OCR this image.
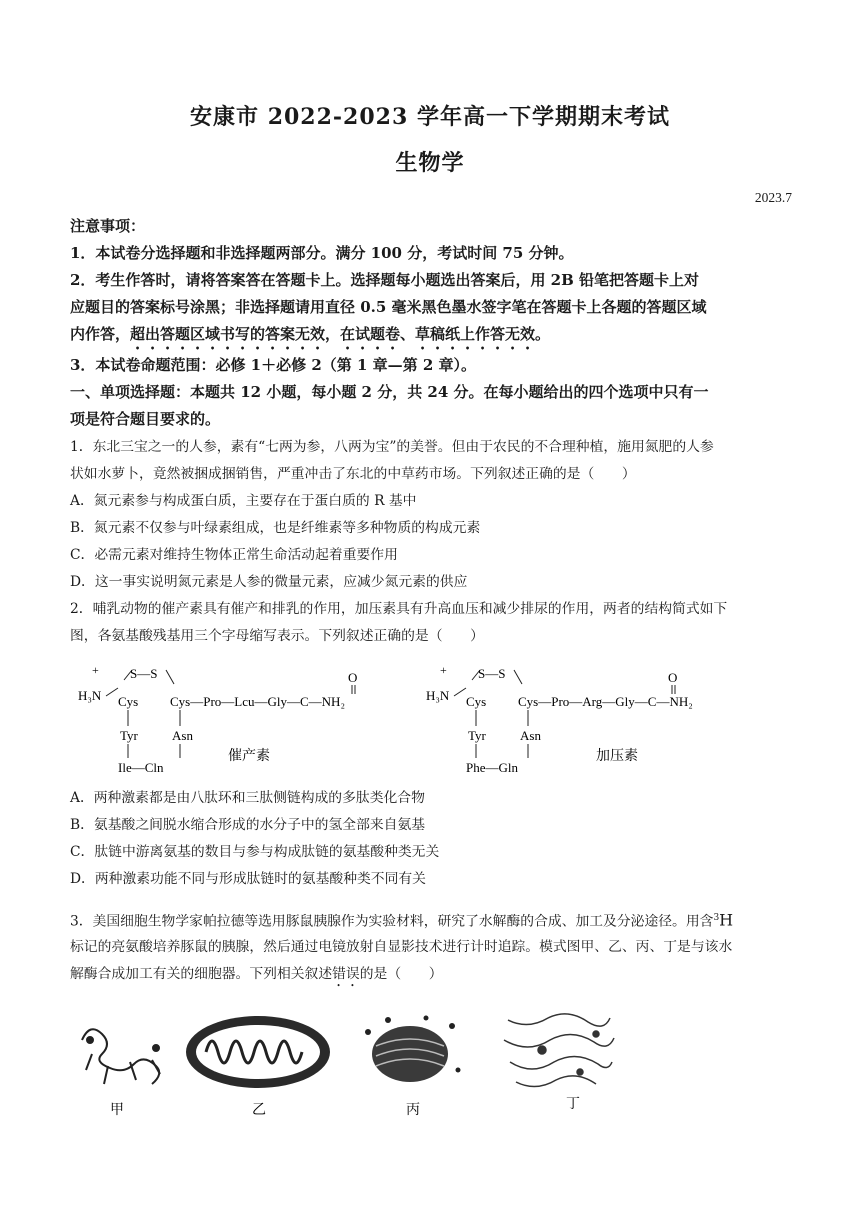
安康市 2022-2023 学年高一下学期期末考试
生物学
2023.7
注意事项：
1．本试卷分选择题和非选择题两部分。满分 100 分，考试时间 75 分钟。
2．考生作答时，请将答案答在答题卡上。选择题每小题选出答案后，用 2B 铅笔把答题卡上对
应题目的答案标号涂黑；非选择题请用直径 0.5 毫米黑色墨水签字笔在答题卡上各题的答题区域
内作答，超出答题区域书写的答案无效，在试题卷、草稿纸上作答无效。
3．本试卷命题范围：必修 1＋必修 2（第 1 章—第 2 章）。
一、单项选择题：本题共 12 小题，每小题 2 分，共 24 分。在每小题给出的四个选项中只有一
项是符合题目要求的。
1．东北三宝之一的人参，素有“七两为参，八两为宝”的美誉。但由于农民的不合理种植，施用氮肥的人参
状如水萝卜，竟然被捆成捆销售，严重冲击了东北的中草药市场。下列叙述正确的是（　　）
A．氮元素参与构成蛋白质，主要存在于蛋白质的 R 基中
B．氮元素不仅参与叶绿素组成，也是纤维素等多种物质的构成元素
C．必需元素对维持生物体正常生命活动起着重要作用
D．这一事实说明氮元素是人参的微量元素，应减少氮元素的供应
2．哺乳动物的催产素具有催产和排乳的作用，加压素具有升高血压和减少排尿的作用，两者的结构简式如下
图，各氨基酸残基用三个字母缩写表示。下列叙述正确的是（　　）
+
H₃N
S—S
Cys Cys—Pro—Lcu—Gly—C—NH₂
O
Tyr	Asn
Ile—Cln
催产素
+
H₃N
S—S
Cys Cys—Pro—Arg—Gly—C—NH₂
O
Tyr	Asn
Phe—Gln
加压素
A．两种激素都是由八肽环和三肽侧链构成的多肽类化合物
B．氨基酸之间脱水缩合形成的水分子中的氢全部来自氨基
C．肽链中游离氨基的数目与参与构成肽链的氨基酸种类无关
D．两种激素功能不同与形成肽链时的氨基酸种类不同有关
3．美国细胞生物学家帕拉德等选用豚鼠胰腺作为实验材料，研究了水解酶的合成、加工及分泌途径。用含$^3$H
标记的亮氨酸培养豚鼠的胰腺，然后通过电镜放射自显影技术进行计时追踪。模式图甲、乙、丙、丁是与该水
解酶合成加工有关的细胞器。下列相关叙述错误的是（　　）
甲	乙	丙	丁
